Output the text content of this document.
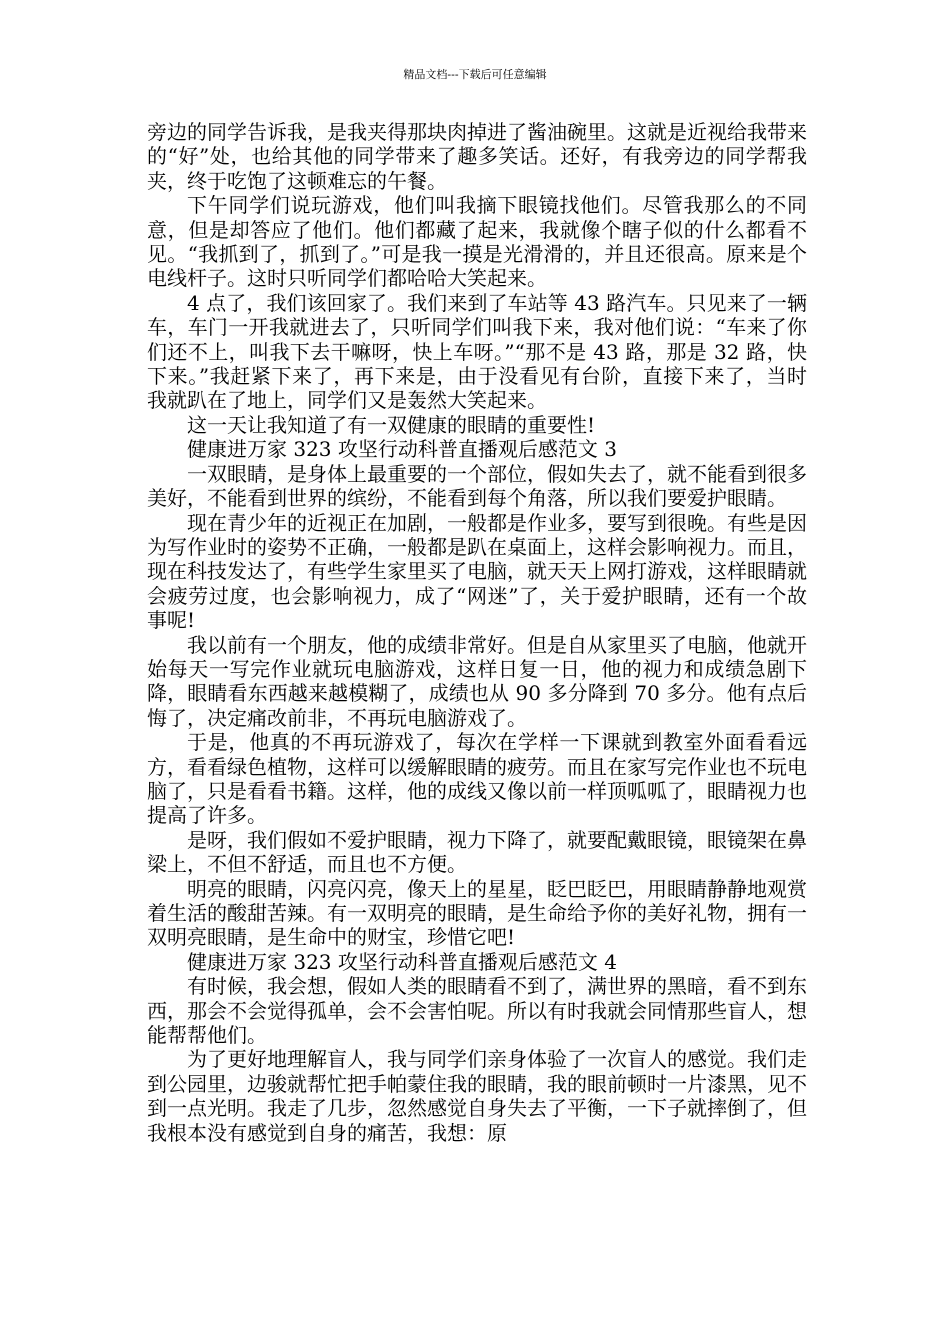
精品文档---下载后可任意编辑

旁边的同学告诉我，是我夹得那块肉掉进了酱油碗里。这就是近视给我带来的“好”处，也给其他的同学带来了趣多笑话。还好，有我旁边的同学帮我夹，终于吃饱了这顿难忘的午餐。

下午同学们说玩游戏，他们叫我摘下眼镜找他们。尽管我那么的不同意，但是却答应了他们。他们都藏了起来，我就像个瞎子似的什么都看不见。“我抓到了，抓到了。”可是我一摸是光滑滑的，并且还很高。原来是个电线杆子。这时只听同学们都哈哈大笑起来。

4 点了，我们该回家了。我们来到了车站等 43 路汽车。只见来了一辆车，车门一开我就进去了，只听同学们叫我下来，我对他们说：“车来了你们还不上，叫我下去干嘛呀，快上车呀。”“那不是 43 路，那是 32 路，快下来。”我赶紧下来了，再下来是，由于没看见有台阶，直接下来了，当时我就趴在了地上，同学们又是轰然大笑起来。

这一天让我知道了有一双健康的眼睛的重要性!

健康进万家 323 攻坚行动科普直播观后感范文 3

一双眼睛，是身体上最重要的一个部位，假如失去了，就不能看到很多美好，不能看到世界的缤纷，不能看到每个角落，所以我们要爱护眼睛。

现在青少年的近视正在加剧，一般都是作业多，要写到很晚。有些是因为写作业时的姿势不正确，一般都是趴在桌面上，这样会影响视力。而且，现在科技发达了，有些学生家里买了电脑，就天天上网打游戏，这样眼睛就会疲劳过度，也会影响视力，成了“网迷”了，关于爱护眼睛，还有一个故事呢!

我以前有一个朋友，他的成绩非常好。但是自从家里买了电脑，他就开始每天一写完作业就玩电脑游戏，这样日复一日，他的视力和成绩急剧下降，眼睛看东西越来越模糊了，成绩也从 90 多分降到 70 多分。他有点后悔了，决定痛改前非，不再玩电脑游戏了。

于是，他真的不再玩游戏了，每次在学样一下课就到教室外面看看远方，看看绿色植物，这样可以缓解眼睛的疲劳。而且在家写完作业也不玩电脑了，只是看看书籍。这样，他的成线又像以前一样顶呱呱了，眼睛视力也提高了许多。

是呀，我们假如不爱护眼睛，视力下降了，就要配戴眼镜，眼镜架在鼻梁上，不但不舒适，而且也不方便。

明亮的眼睛，闪亮闪亮，像天上的星星，眨巴眨巴，用眼睛静静地观赏着生活的酸甜苦辣。有一双明亮的眼睛，是生命给予你的美好礼物，拥有一双明亮眼睛，是生命中的财宝，珍惜它吧!

健康进万家 323 攻坚行动科普直播观后感范文 4

有时候，我会想，假如人类的眼睛看不到了，满世界的黑暗，看不到东西，那会不会觉得孤单，会不会害怕呢。所以有时我就会同情那些盲人，想能帮帮他们。

为了更好地理解盲人，我与同学们亲身体验了一次盲人的感觉。我们走到公园里，边骏就帮忙把手帕蒙住我的眼睛，我的眼前顿时一片漆黑，见不到一点光明。我走了几步，忽然感觉自身失去了平衡，一下子就摔倒了，但我根本没有感觉到自身的痛苦，我想：原
